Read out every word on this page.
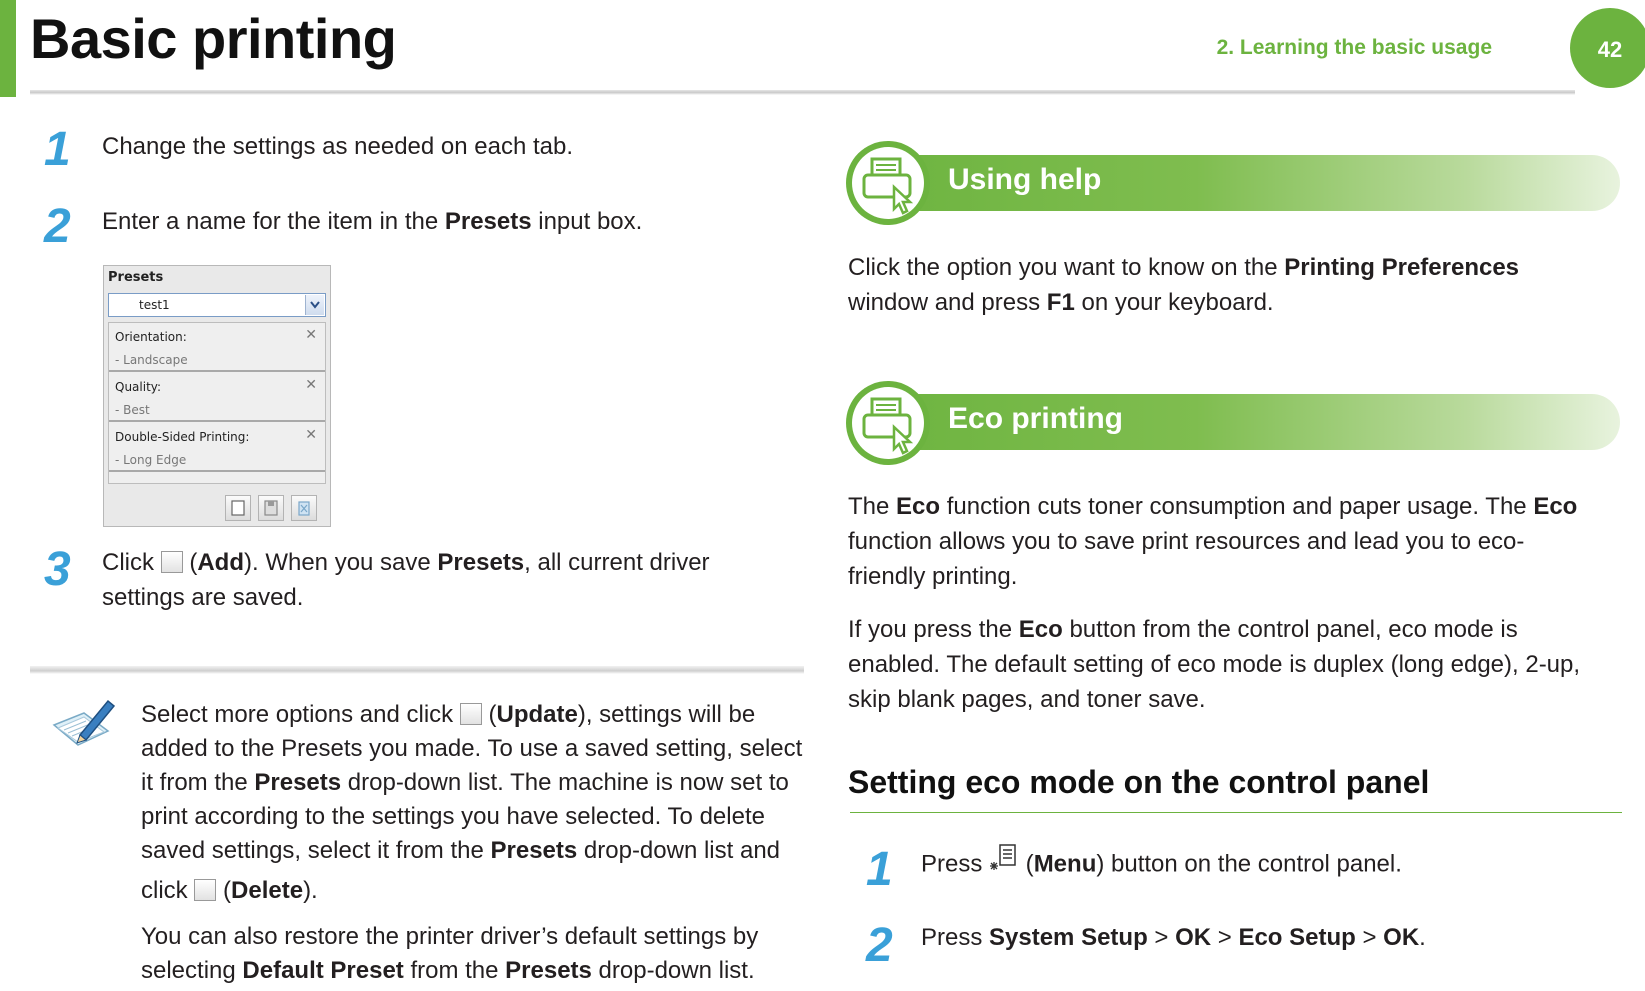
Basic printing	2. Learning the basic usage	42
1 Change the settings as needed on each tab.
2 Enter a name for the item in the Presets input box.
Presets
test1
Orientation:
- Landscape
✕
Quality:
- Best
✕
Double-Sided Printing:
- Long Edge
✕
3 Click  (Add). When you save Presets, all current driver
settings are saved.
Select more options and click  (Update), settings will be
added to the Presets you made. To use a saved setting, select
it from the Presets drop-down list. The machine is now set to
print according to the settings you have selected. To delete
saved settings, select it from the Presets drop-down list and
click  (Delete).
You can also restore the printer driver’s default settings by
selecting Default Preset from the Presets drop-down list.
Using help
Click the option you want to know on the Printing Preferences
window and press F1 on your keyboard.
Eco printing
The Eco function cuts toner consumption and paper usage. The Eco
function allows you to save print resources and lead you to eco-
friendly printing.
If you press the Eco button from the control panel, eco mode is
enabled. The default setting of eco mode is duplex (long edge), 2-up,
skip blank pages, and toner save.
Setting eco mode on the control panel
1 Press  (Menu) button on the control panel.
2 Press System Setup > OK > Eco Setup > OK.
